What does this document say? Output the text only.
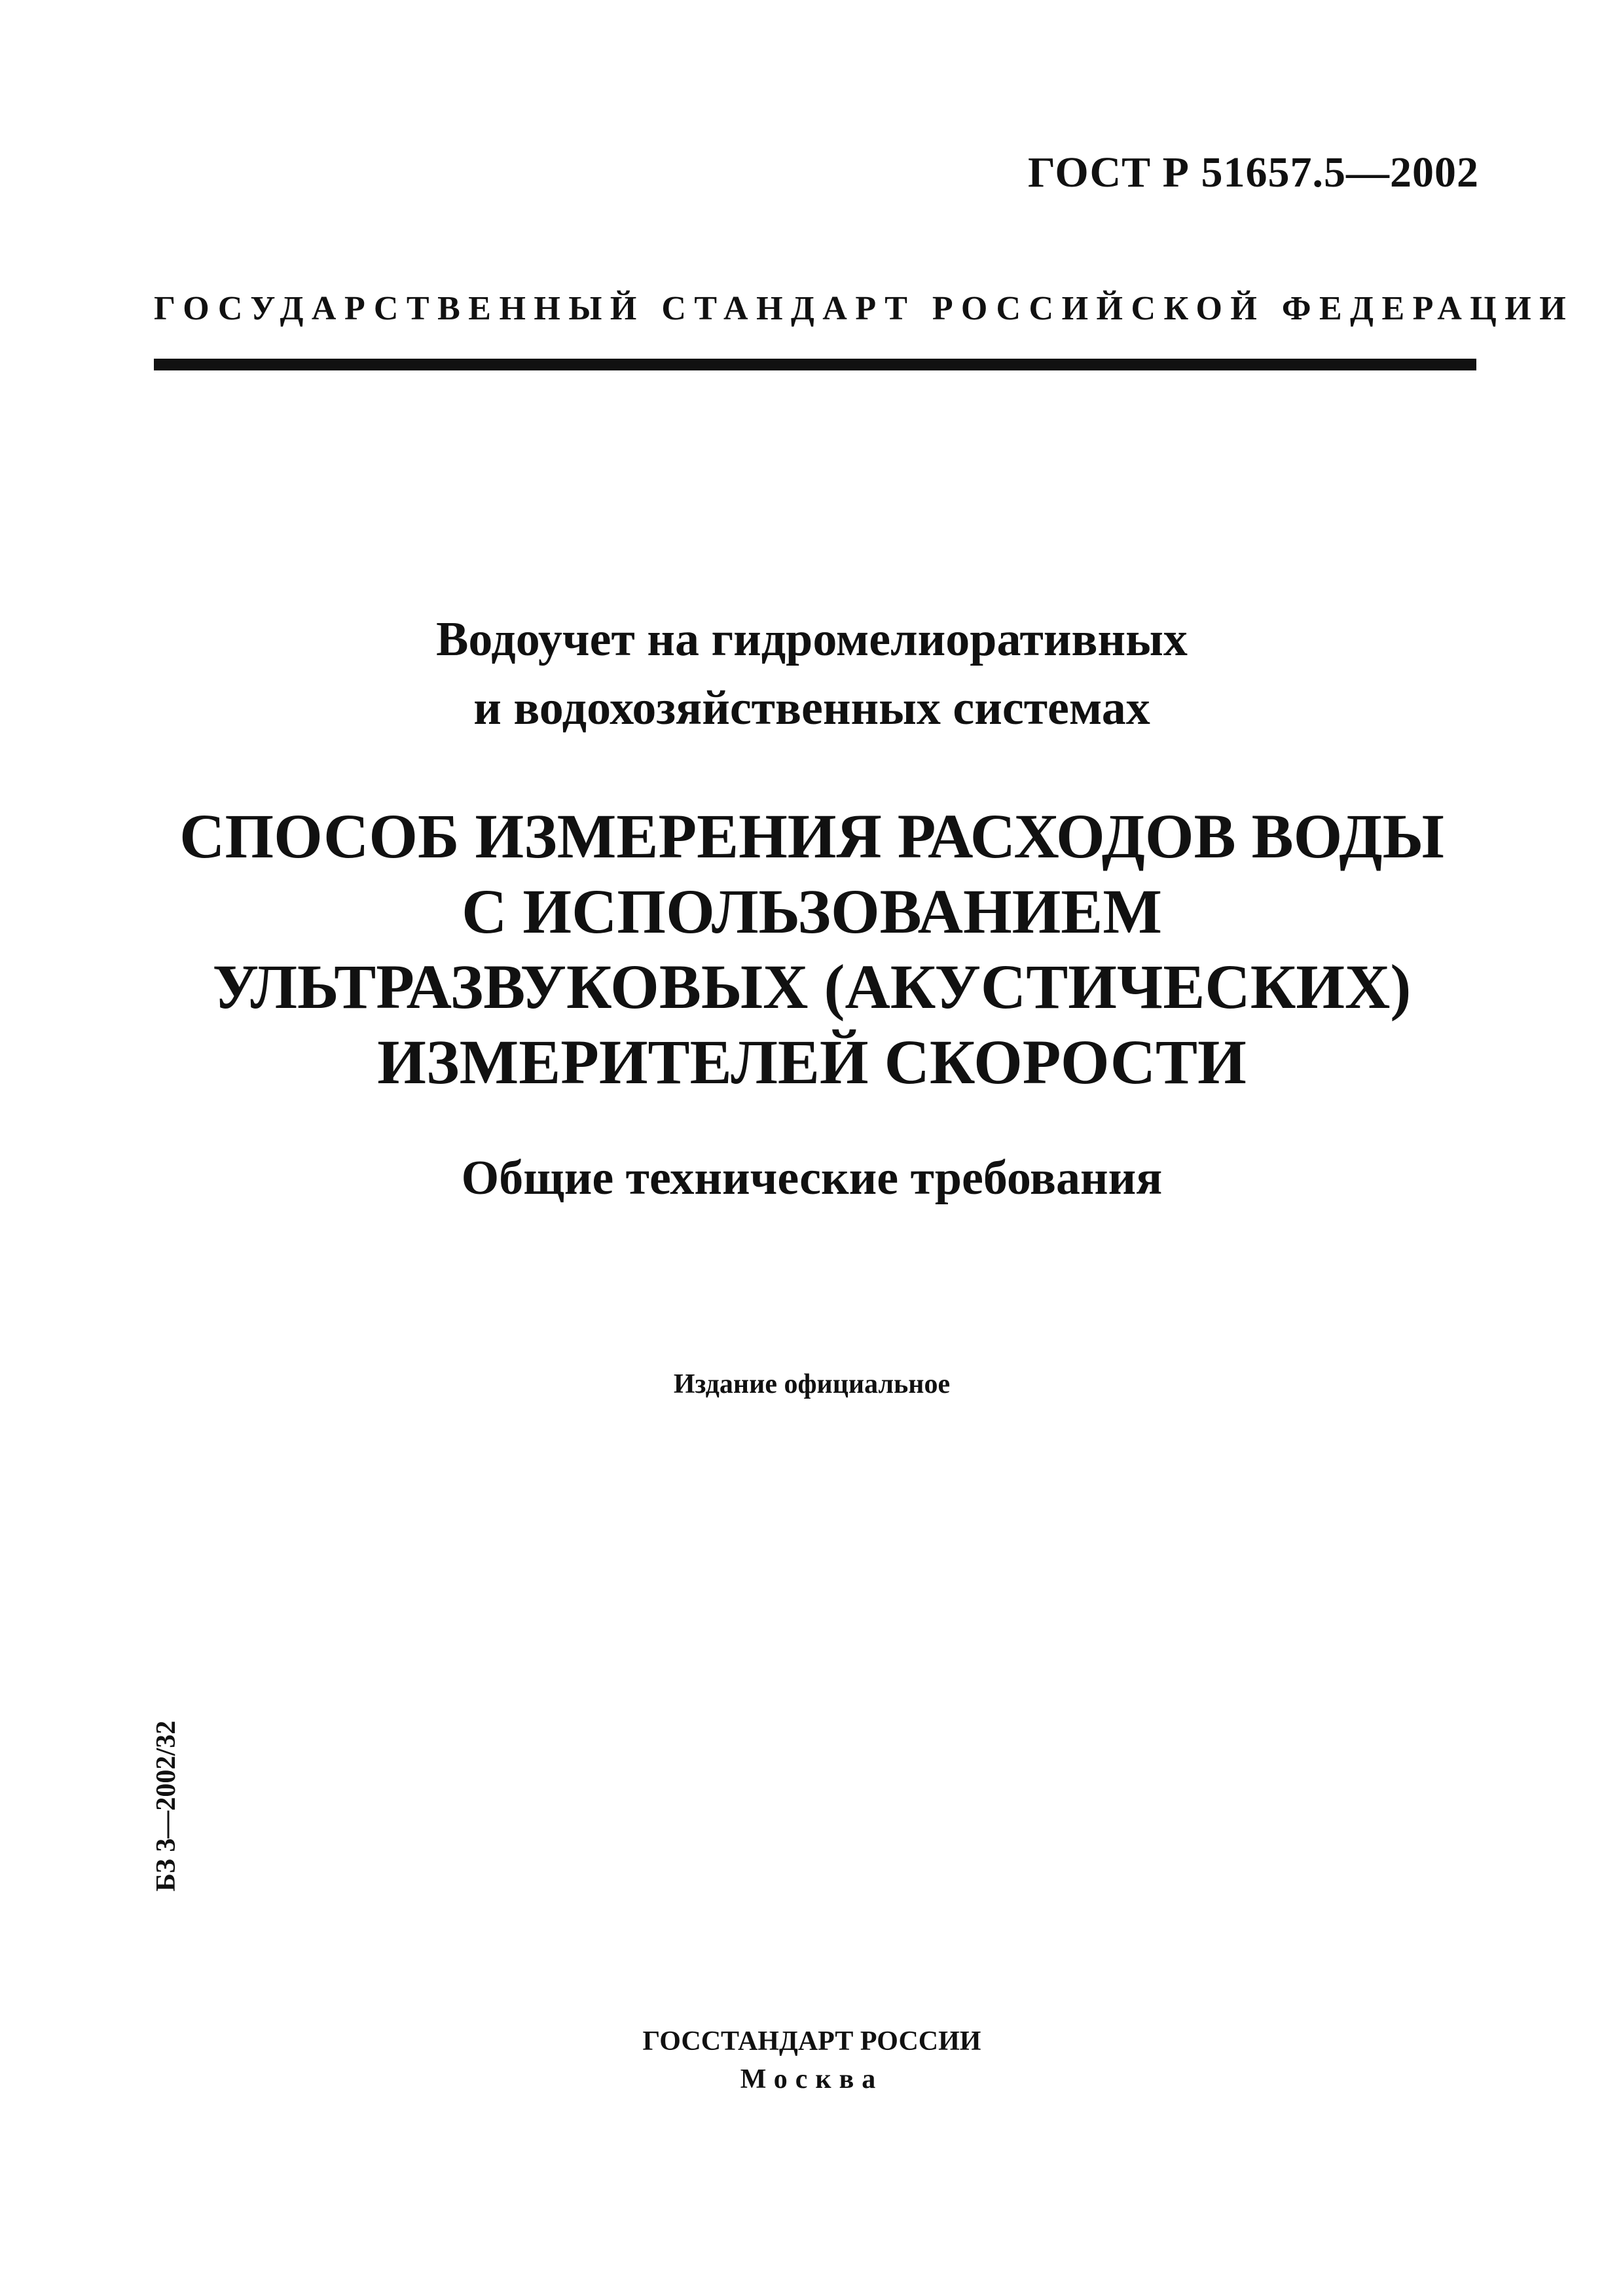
ГОСТ Р 51657.5—2002
ГОСУДАРСТВЕННЫЙ СТАНДАРТ РОССИЙСКОЙ ФЕДЕРАЦИИ
Водоучет на гидромелиоративных
и водохозяйственных системах
СПОСОБ ИЗМЕРЕНИЯ РАСХОДОВ ВОДЫ
С ИСПОЛЬЗОВАНИЕМ
УЛЬТРАЗВУКОВЫХ (АКУСТИЧЕСКИХ)
ИЗМЕРИТЕЛЕЙ СКОРОСТИ
Общие технические требования
Издание официальное
БЗ 3—2002/32
ГОССТАНДАРТ РОССИИ
Москва
